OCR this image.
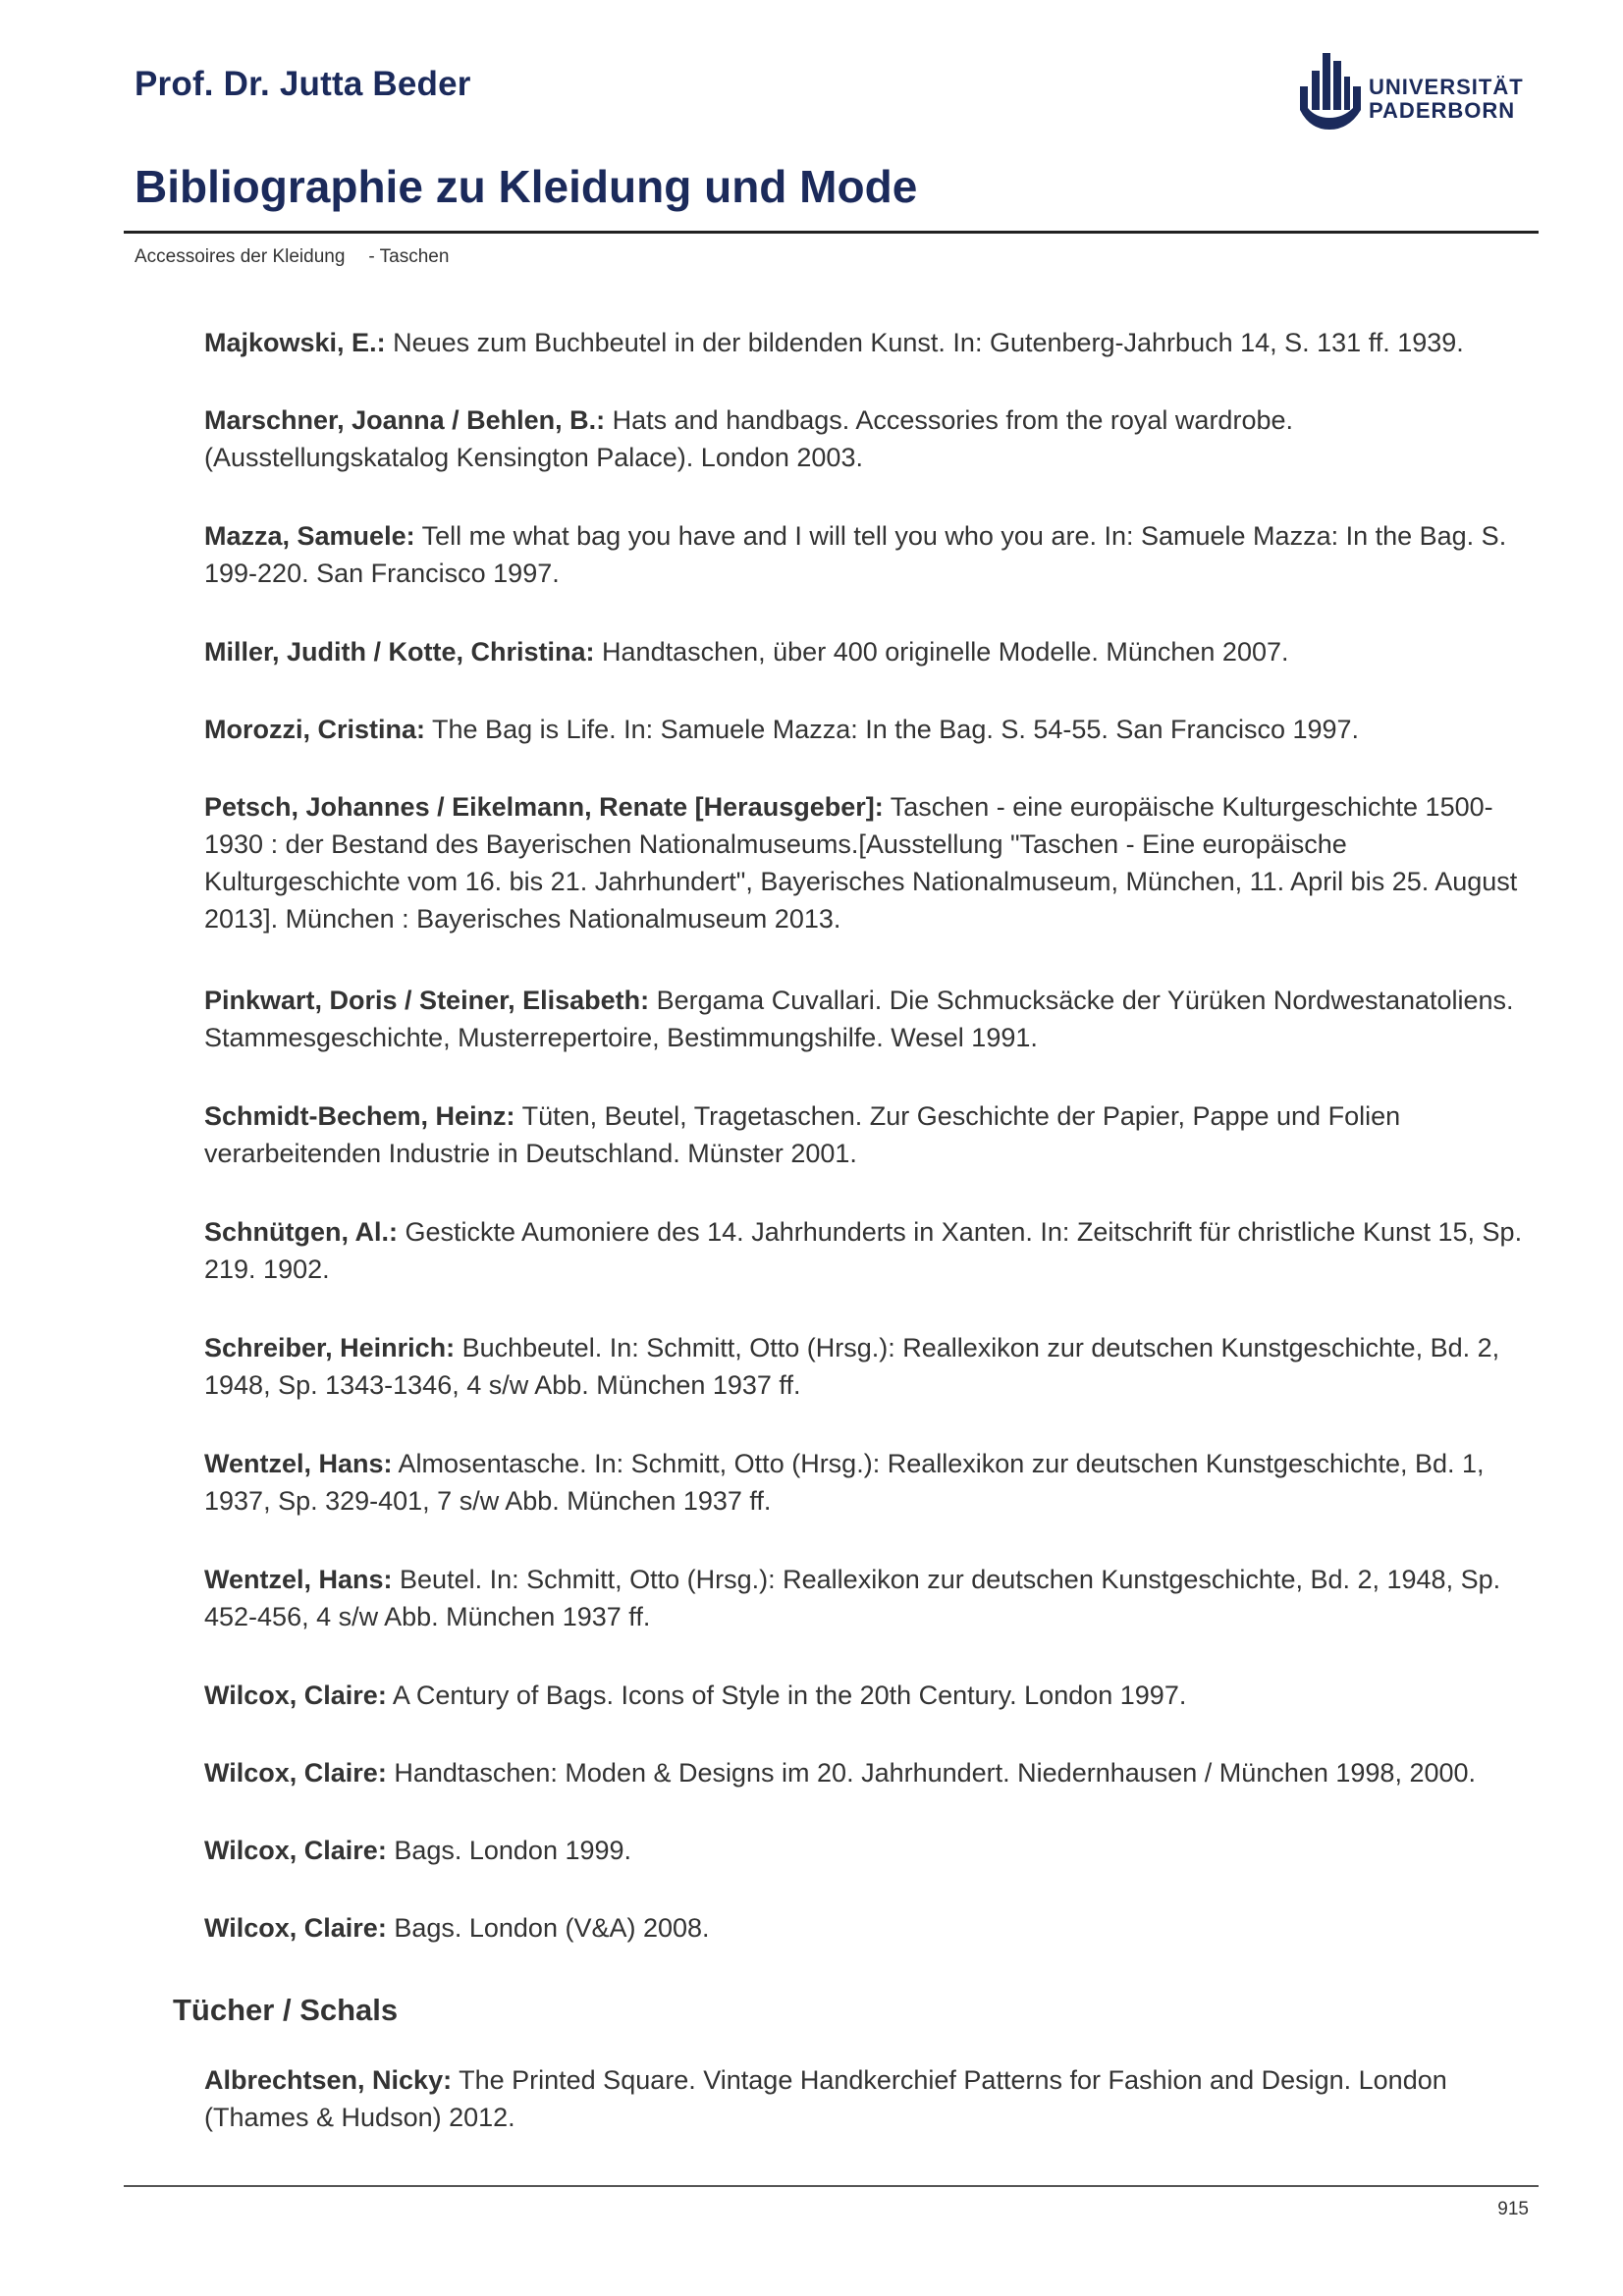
Prof. Dr. Jutta Beder	UNIVERSITÄT
PADERBORN
Bibliographie zu Kleidung und Mode
Accessoires der Kleidung - Taschen
Majkowski, E.: Neues zum Buchbeutel in der bildenden Kunst. In: Gutenberg-Jahrbuch 14, S. 131 ff. 1939.
Marschner, Joanna / Behlen, B.: Hats and handbags. Accessories from the royal wardrobe. (Ausstellungskatalog Kensington Palace). London 2003.
Mazza, Samuele: Tell me what bag you have and I will tell you who you are. In: Samuele Mazza: In the Bag. S. 199-220. San Francisco 1997.
Miller, Judith / Kotte, Christina: Handtaschen, über 400 originelle Modelle. München 2007.
Morozzi, Cristina: The Bag is Life. In: Samuele Mazza: In the Bag. S. 54-55. San Francisco 1997.
Petsch, Johannes / Eikelmann, Renate [Herausgeber]: Taschen - eine europäische Kulturgeschichte 1500-1930 : der Bestand des Bayerischen Nationalmuseums.[Ausstellung "Taschen - Eine europäische Kulturgeschichte vom 16. bis 21. Jahrhundert", Bayerisches Nationalmuseum, München, 11. April bis 25. August 2013]. München : Bayerisches Nationalmuseum 2013.
Pinkwart, Doris / Steiner, Elisabeth: Bergama Cuvallari. Die Schmucksäcke der Yürüken Nordwestanatoliens. Stammesgeschichte, Musterrepertoire, Bestimmungshilfe. Wesel 1991.
Schmidt-Bechem, Heinz: Tüten, Beutel, Tragetaschen. Zur Geschichte der Papier, Pappe und Folien verarbeitenden Industrie in Deutschland. Münster 2001.
Schnütgen, Al.: Gestickte Aumoniere des 14. Jahrhunderts in Xanten. In: Zeitschrift für christliche Kunst 15, Sp. 219. 1902.
Schreiber, Heinrich: Buchbeutel. In: Schmitt, Otto (Hrsg.): Reallexikon zur deutschen Kunstgeschichte, Bd. 2, 1948, Sp. 1343-1346, 4 s/w Abb. München 1937 ff.
Wentzel, Hans: Almosentasche. In: Schmitt, Otto (Hrsg.): Reallexikon zur deutschen Kunstgeschichte, Bd. 1, 1937, Sp. 329-401, 7 s/w Abb. München 1937 ff.
Wentzel, Hans: Beutel. In: Schmitt, Otto (Hrsg.): Reallexikon zur deutschen Kunstgeschichte, Bd. 2, 1948, Sp. 452-456, 4 s/w Abb. München 1937 ff.
Wilcox, Claire: A Century of Bags. Icons of Style in the 20th Century. London 1997.
Wilcox, Claire: Handtaschen: Moden & Designs im 20. Jahrhundert. Niedernhausen / München 1998, 2000.
Wilcox, Claire: Bags. London 1999.
Wilcox, Claire: Bags. London (V&A) 2008.
Albrechtsen, Nicky: The Printed Square. Vintage Handkerchief Patterns for Fashion and Design. London (Thames & Hudson) 2012.
Tücher / Schals
915
